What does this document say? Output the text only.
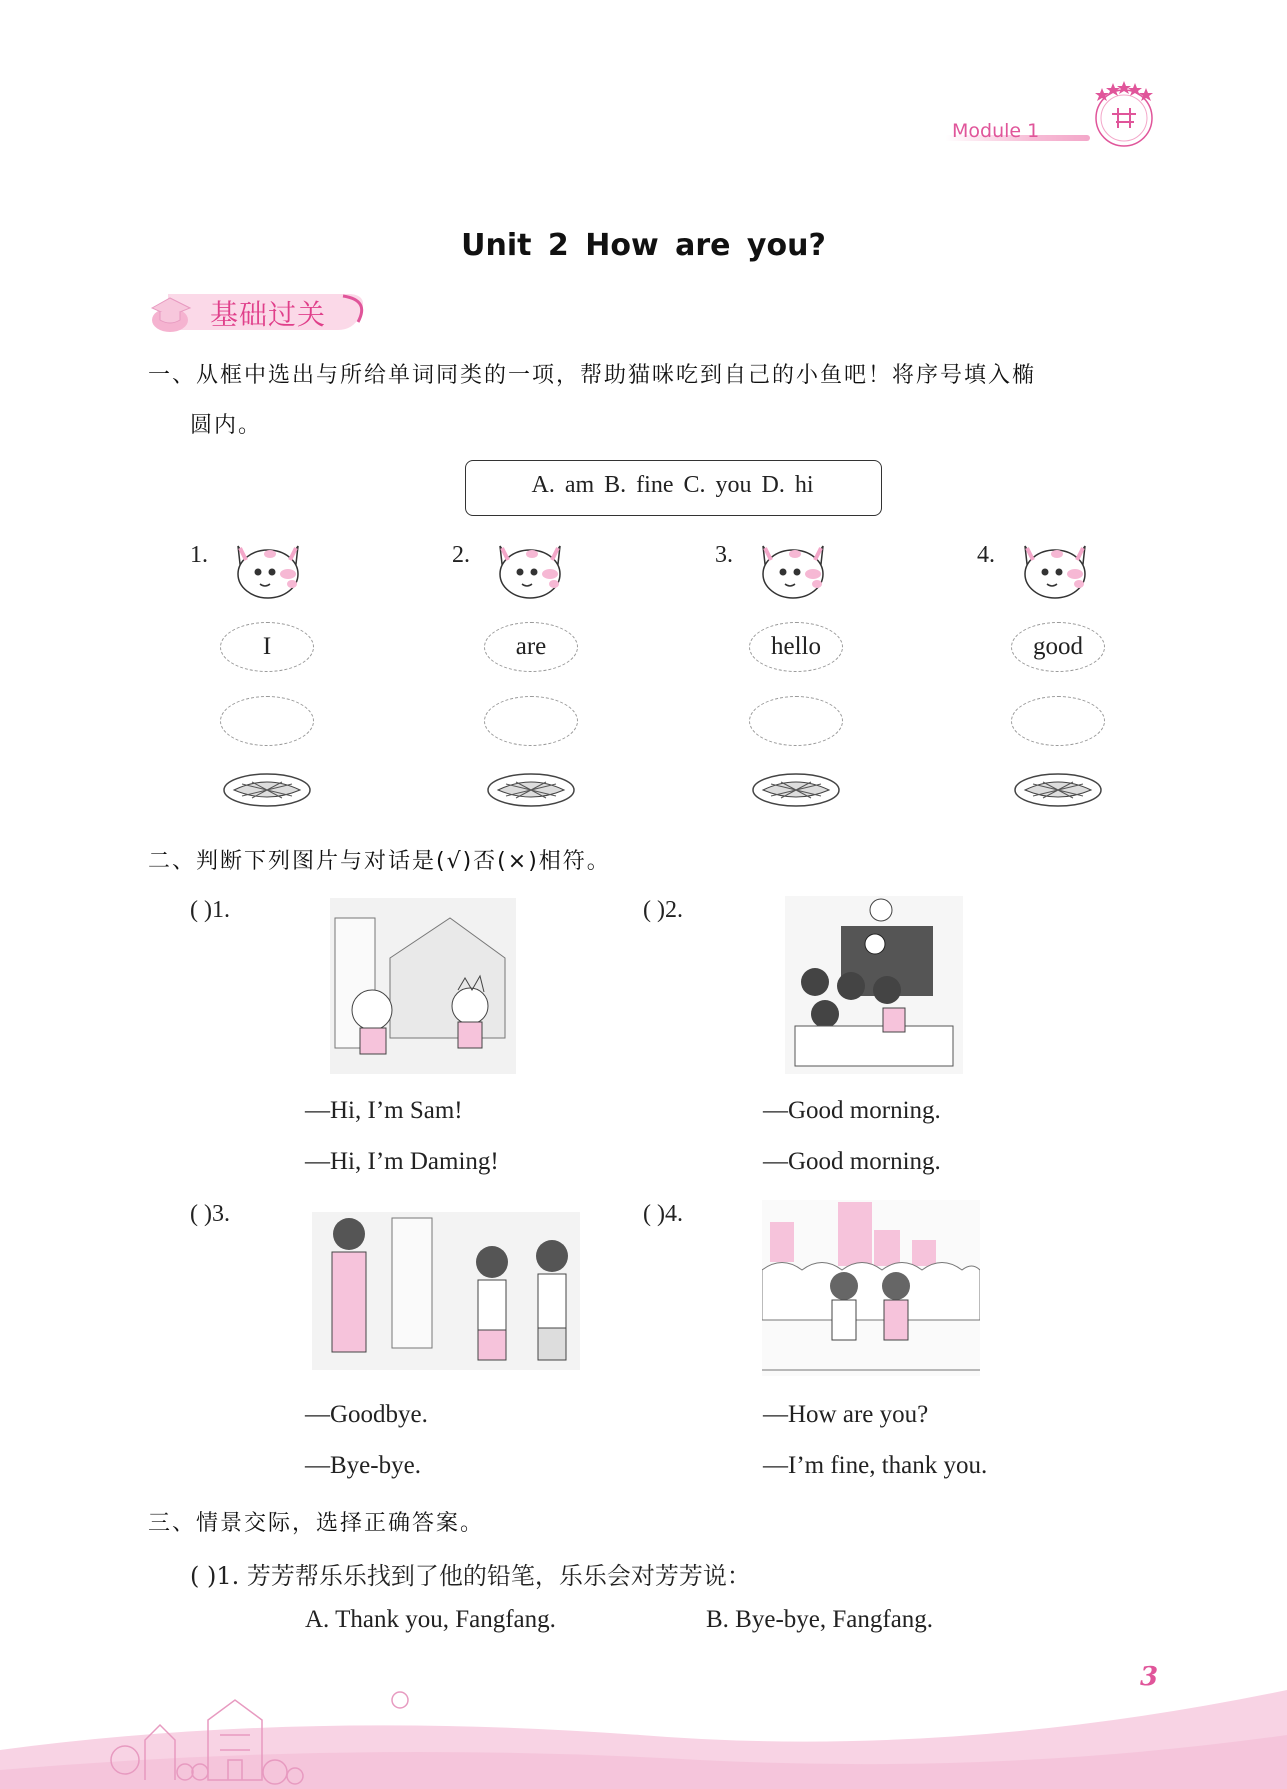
Module 1
Unit 2 How are you?
基础过关
一、从框中选出与所给单词同类的一项，帮助猫咪吃到自己的小鱼吧！将序号填入椭
圆内。
A. am B. fine C. you D. hi
1.
I
2.
are
3.
hello
4.
good
二、判断下列图片与对话是(√)否(×)相符。
( )1.
—Hi, I’m Sam!
—Hi, I’m Daming!
( )2.
—Good morning.
—Good morning.
( )3.
—Goodbye.
—Bye-bye.
( )4.
—How are you?
—I’m fine, thank you.
三、情景交际，选择正确答案。
( )1. 芳芳帮乐乐找到了他的铅笔，乐乐会对芳芳说：
A. Thank you, Fangfang.	B. Bye-bye, Fangfang.
3
